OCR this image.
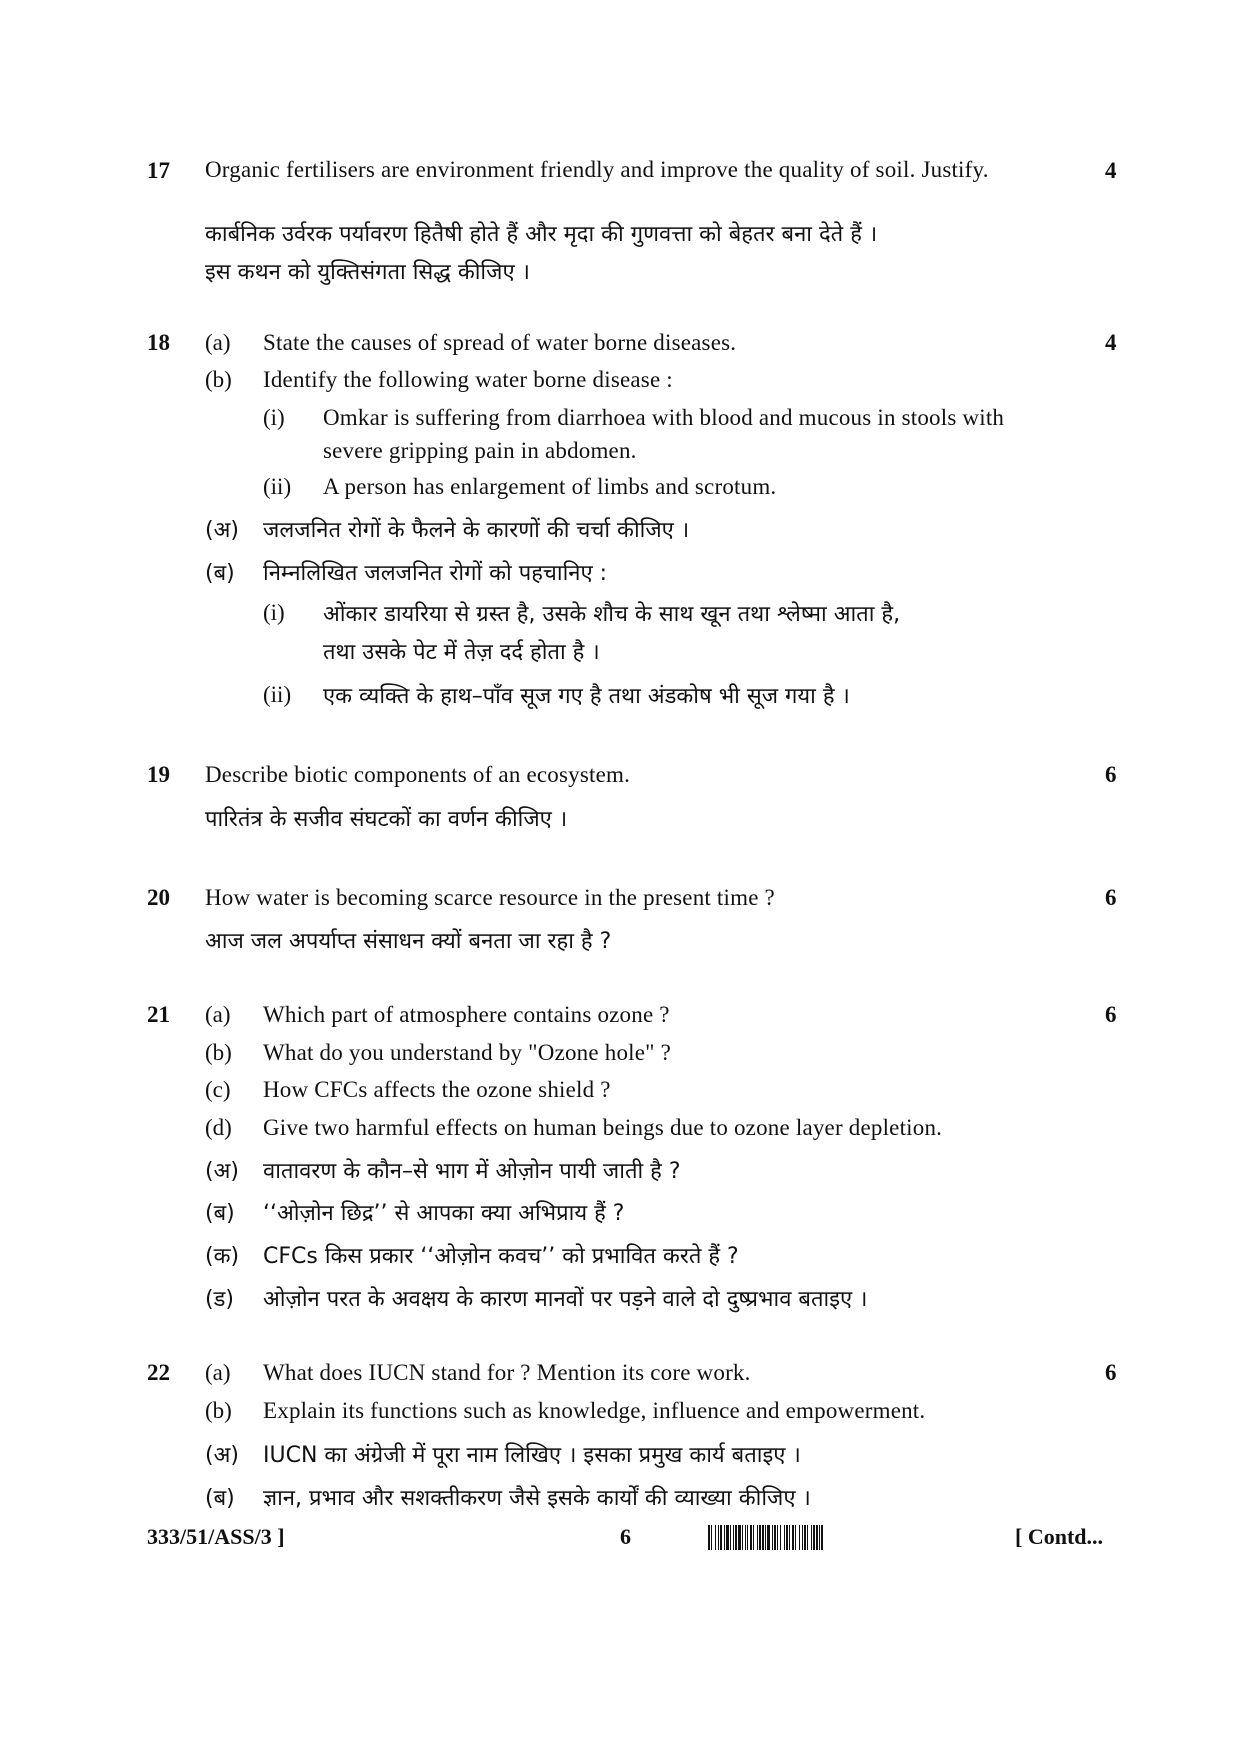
17 Organic fertilisers are environment friendly and improve the quality of soil. Justify.	4
कार्बनिक उर्वरक पर्यावरण हितैषी होते हैं और मृदा की गुणवत्ता को बेहतर बना देते हैं ।
इस कथन को युक्तिसंगता सिद्ध कीजिए ।
18	4
(a) State the causes of spread of water borne diseases.
(b) Identify the following water borne disease :
(i) Omkar is suffering from diarrhoea with blood and mucous in stools with
severe gripping pain in abdomen.
(ii) A person has enlargement of limbs and scrotum.
(अ) जलजनित रोगों के फैलने के कारणों की चर्चा कीजिए ।
(ब) निम्नलिखित जलजनित रोगों को पहचानिए :
(i) ओंकार डायरिया से ग्रस्त है, उसके शौच के साथ खून तथा श्लेष्मा आता है,
तथा उसके पेट में तेज़ दर्द होता है ।
(ii) एक व्यक्ति के हाथ–पाँव सूज गए है तथा अंडकोष भी सूज गया है ।
19 Describe biotic components of an ecosystem.	6
पारितंत्र के सजीव संघटकों का वर्णन कीजिए ।
20 How water is becoming scarce resource in the present time ?	6
आज जल अपर्याप्त संसाधन क्यों बनता जा रहा है ?
21	6
(a) Which part of atmosphere contains ozone ?
(b) What do you understand by "Ozone hole" ?
(c) How CFCs affects the ozone shield ?
(d) Give two harmful effects on human beings due to ozone layer depletion.
(अ) वातावरण के कौन–से भाग में ओज़ोन पायी जाती है ?
(ब) ‘‘ओज़ोन छिद्र’’ से आपका क्या अभिप्राय हैं ?
(क) CFCs किस प्रकार ‘‘ओज़ोन कवच’’ को प्रभावित करते हैं ?
(ड) ओज़ोन परत के अवक्षय के कारण मानवों पर पड़ने वाले दो दुष्प्रभाव बताइए ।
22	6
(a) What does IUCN stand for ? Mention its core work.
(b) Explain its functions such as knowledge, influence and empowerment.
(अ) IUCN का अंग्रेजी में पूरा नाम लिखिए । इसका प्रमुख कार्य बताइए ।
(ब) ज्ञान, प्रभाव और सशक्तीकरण जैसे इसके कार्यों की व्याख्या कीजिए ।
333/51/ASS/3 ]	6	[ Contd...
